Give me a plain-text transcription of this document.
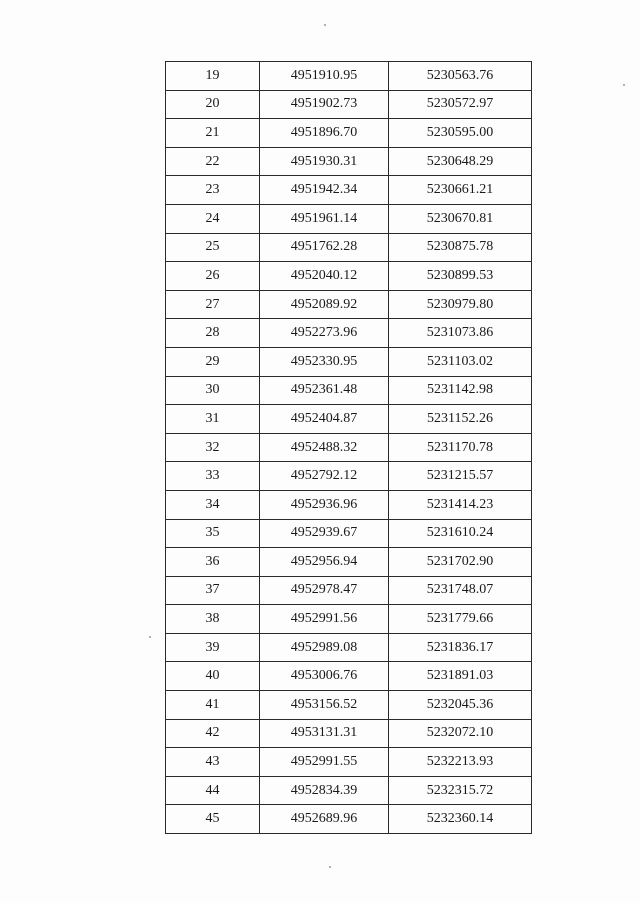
19	4951910.95	5230563.76
20	4951902.73	5230572.97
21	4951896.70	5230595.00
22	4951930.31	5230648.29
23	4951942.34	5230661.21
24	4951961.14	5230670.81
25	4951762.28	5230875.78
26	4952040.12	5230899.53
27	4952089.92	5230979.80
28	4952273.96	5231073.86
29	4952330.95	5231103.02
30	4952361.48	5231142.98
31	4952404.87	5231152.26
32	4952488.32	5231170.78
33	4952792.12	5231215.57
34	4952936.96	5231414.23
35	4952939.67	5231610.24
36	4952956.94	5231702.90
37	4952978.47	5231748.07
38	4952991.56	5231779.66
39	4952989.08	5231836.17
40	4953006.76	5231891.03
41	4953156.52	5232045.36
42	4953131.31	5232072.10
43	4952991.55	5232213.93
44	4952834.39	5232315.72
45	4952689.96	5232360.14
